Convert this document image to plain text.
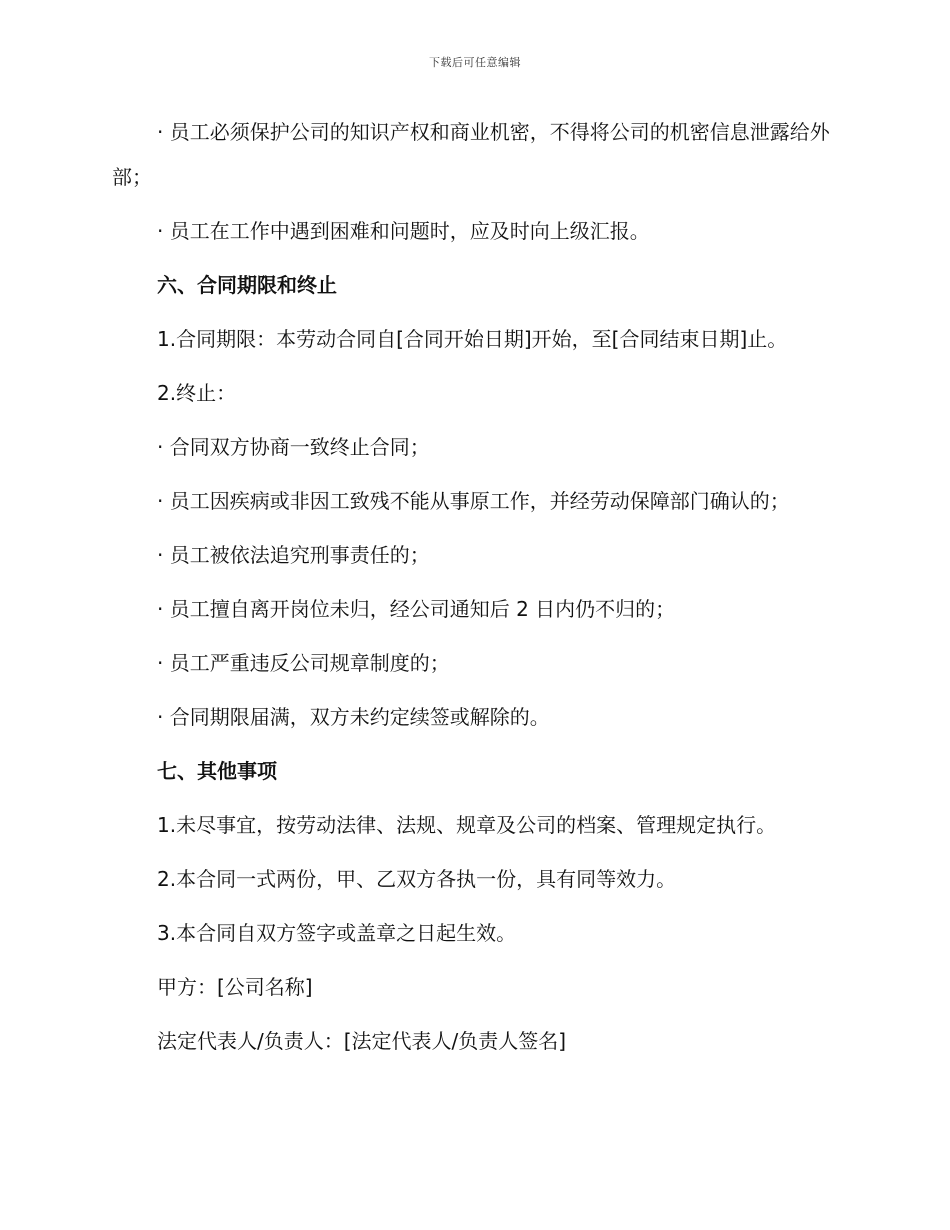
下载后可任意编辑

· 员工必须保护公司的知识产权和商业机密，不得将公司的机密信息泄露给外部；

· 员工在工作中遇到困难和问题时，应及时向上级汇报。

六、合同期限和终止

1.合同期限：本劳动合同自[合同开始日期]开始，至[合同结束日期]止。

2.终止：

· 合同双方协商一致终止合同；

· 员工因疾病或非因工致残不能从事原工作，并经劳动保障部门确认的；

· 员工被依法追究刑事责任的；

· 员工擅自离开岗位未归，经公司通知后 2 日内仍不归的；

· 员工严重违反公司规章制度的；

· 合同期限届满，双方未约定续签或解除的。

七、其他事项

1.未尽事宜，按劳动法律、法规、规章及公司的档案、管理规定执行。

2.本合同一式两份，甲、乙双方各执一份，具有同等效力。

3.本合同自双方签字或盖章之日起生效。

甲方：[公司名称]

法定代表人/负责人：[法定代表人/负责人签名]
